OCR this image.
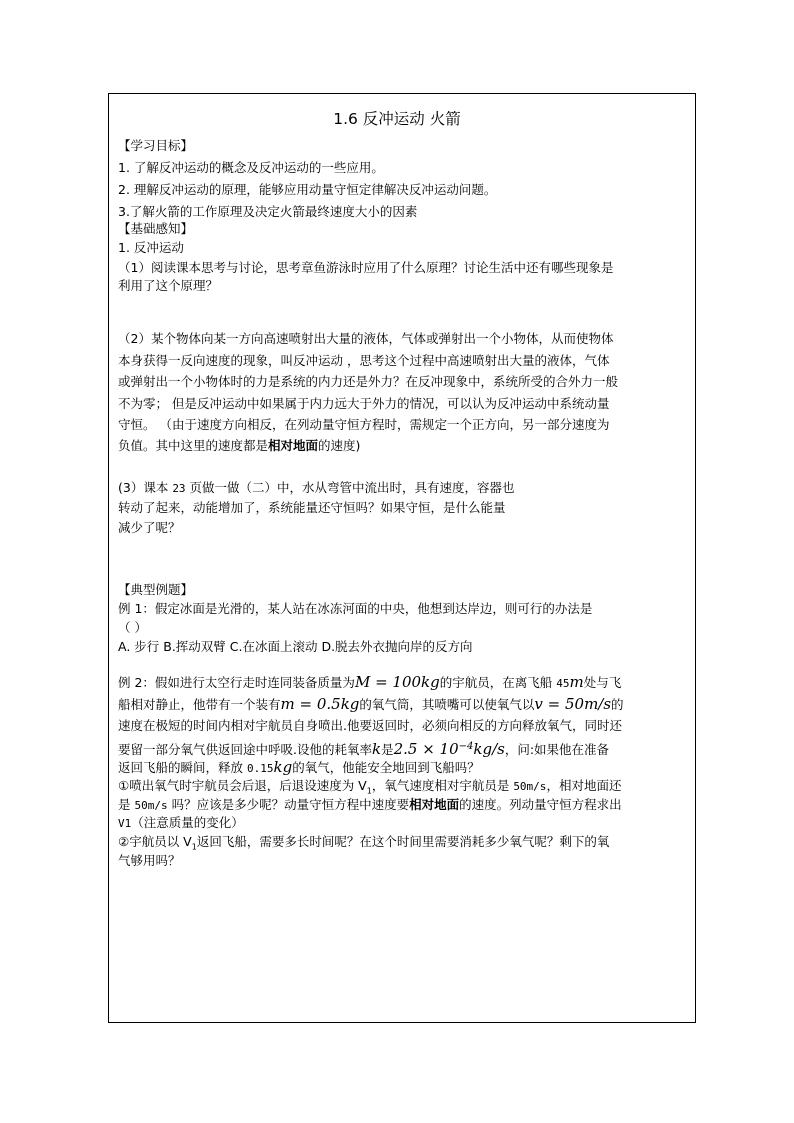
1.6 反冲运动 火箭
【学习目标】
1. 了解反冲运动的概念及反冲运动的一些应用。
2. 理解反冲运动的原理，能够应用动量守恒定律解决反冲运动问题。
3.了解火箭的工作原理及决定火箭最终速度大小的因素
【基础感知】
1. 反冲运动
（1）阅读课本思考与讨论，思考章鱼游泳时应用了什么原理？讨论生活中还有哪些现象是
利用了这个原理？
（2）某个物体向某一方向高速喷射出大量的液体，气体或弹射出一个小物体，从而使物体
本身获得一反向速度的现象，叫反冲运动 ，思考这个过程中高速喷射出大量的液体，气体
或弹射出一个小物体时的力是系统的内力还是外力？在反冲现象中，系统所受的合外力一般
不为零； 但是反冲运动中如果属于内力远大于外力的情况，可以认为反冲运动中系统动量
守恒。 （由于速度方向相反，在列动量守恒方程时，需规定一个正方向，另一部分速度为
负值。其中这里的速度都是相对地面的速度)
(3）课本 23 页做一做（二）中，水从弯管中流出时，具有速度，容器也
转动了起来，动能增加了，系统能量还守恒吗？如果守恒，是什么能量
减少了呢？
【典型例题】
例 1：假定冰面是光滑的，某人站在冰冻河面的中央，他想到达岸边，则可行的办法是
（ ）
A. 步行 B.挥动双臂 C.在冰面上滚动 D.脱去外衣抛向岸的反方向
例 2：假如进行太空行走时连同装备质量为M = 100kg的宇航员，在离飞船 45m处与飞
船相对静止，他带有一个装有m = 0.5kg的氧气筒，其喷嘴可以使氧气以v = 50m/s的
速度在极短的时间内相对宇航员自身喷出.他要返回时，必须向相反的方向释放氧气，同时还
要留一部分氧气供返回途中呼吸.设他的耗氧率k是$2.5 \times 10^{-4}kg/s$，问:如果他在准备
返回飞船的瞬间，释放 0.15kg的氧气，他能安全地回到飞船吗？
①喷出氧气时宇航员会后退，后退设速度为 $V_1$，氧气速度相对宇航员是 50m/s，相对地面还
是 50m/s 吗？应该是多少呢？动量守恒方程中速度要相对地面的速度。列动量守恒方程求出
V1（注意质量的变化）
②宇航员以 $V_1$返回飞船，需要多长时间呢？在这个时间里需要消耗多少氧气呢？剩下的氧
气够用吗？
